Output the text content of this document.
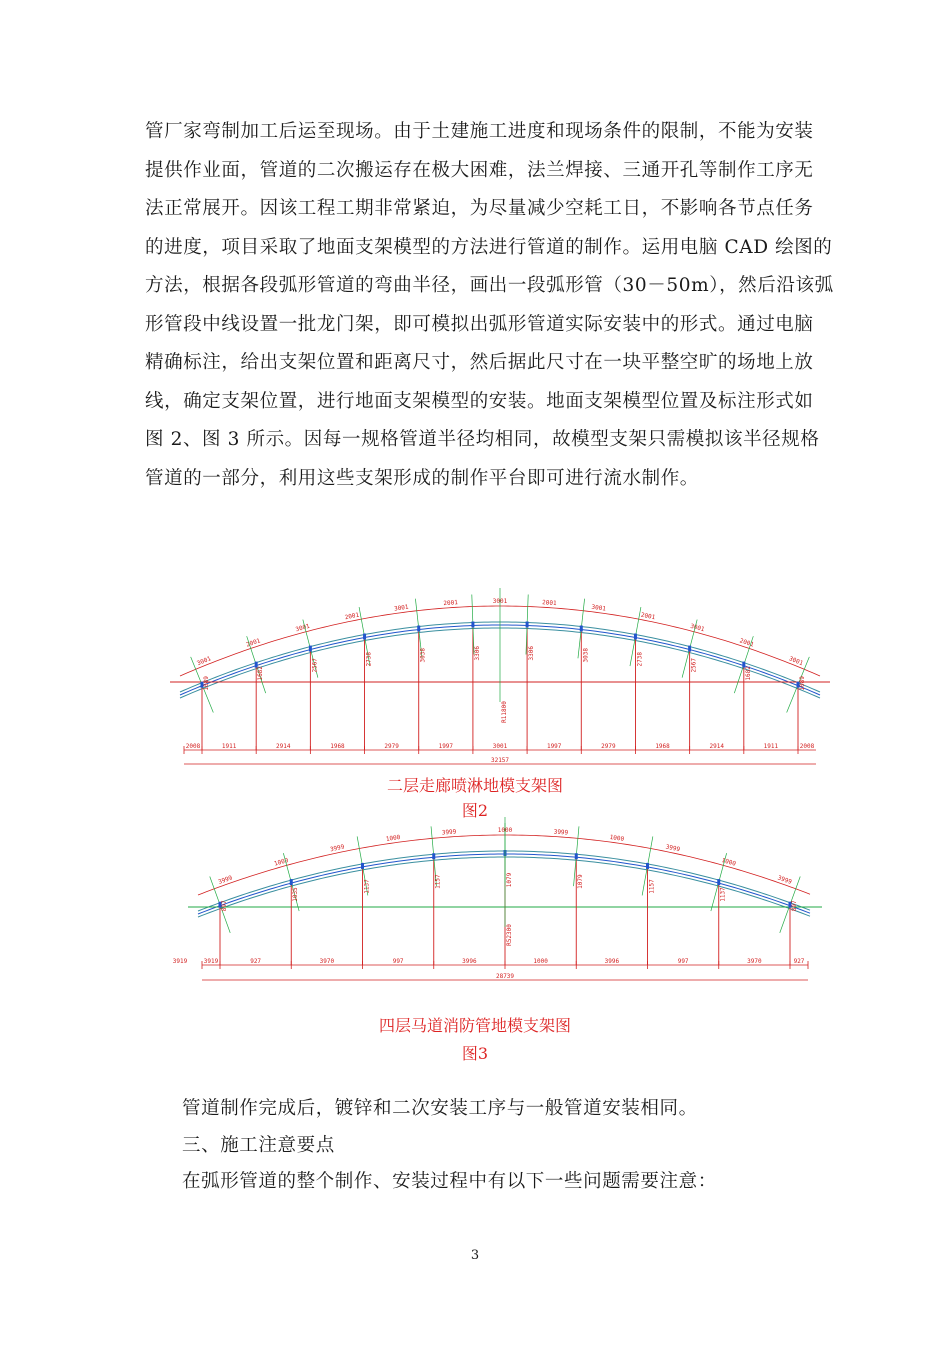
管厂家弯制加工后运至现场。由于土建施工进度和现场条件的限制，不能为安装
提供作业面，管道的二次搬运存在极大困难，法兰焊接、三通开孔等制作工序无
法正常展开。因该工程工期非常紧迫，为尽量减少空耗工日，不影响各节点任务
的进度，项目采取了地面支架模型的方法进行管道的制作。运用电脑 CAD 绘图的
方法，根据各段弧形管道的弯曲半径，画出一段弧形管（30－50m），然后沿该弧
形管段中线设置一批龙门架，即可模拟出弧形管道实际安装中的形式。通过电脑
精确标注，给出支架位置和距离尺寸，然后据此尺寸在一块平整空旷的场地上放
线，确定支架位置，进行地面支架模型的安装。地面支架模型位置及标注形式如
图 2、图 3 所示。因每一规格管道半径均相同，故模型支架只需模拟该半径规格
管道的一部分，利用这些支架形成的制作平台即可进行流水制作。
3001
2001
3001
2001
3001
2001	3001	2001
3001
2001
3001
2001
3001
1089
1682
2567	2738	3038	3306	3306	3038	2738	2567
1682
1089
R11800
2008	1911	2914	1968	2979	1997	3001	1997	2979	1968	2914	1911	2008
32157
二层走廊喷淋地模支架图
图2
3999
1000
3999
1000
3999	1000	3999
1000
3999
1000
3999
897
1035
1137	1157	1079	1079	1157
1137
897
R52300
3919	927	3970	997	3996	1000	3996	997	3970	927
3919
28739
四层马道消防管地模支架图
图3
管道制作完成后，镀锌和二次安装工序与一般管道安装相同。
三、施工注意要点
在弧形管道的整个制作、安装过程中有以下一些问题需要注意：
3
